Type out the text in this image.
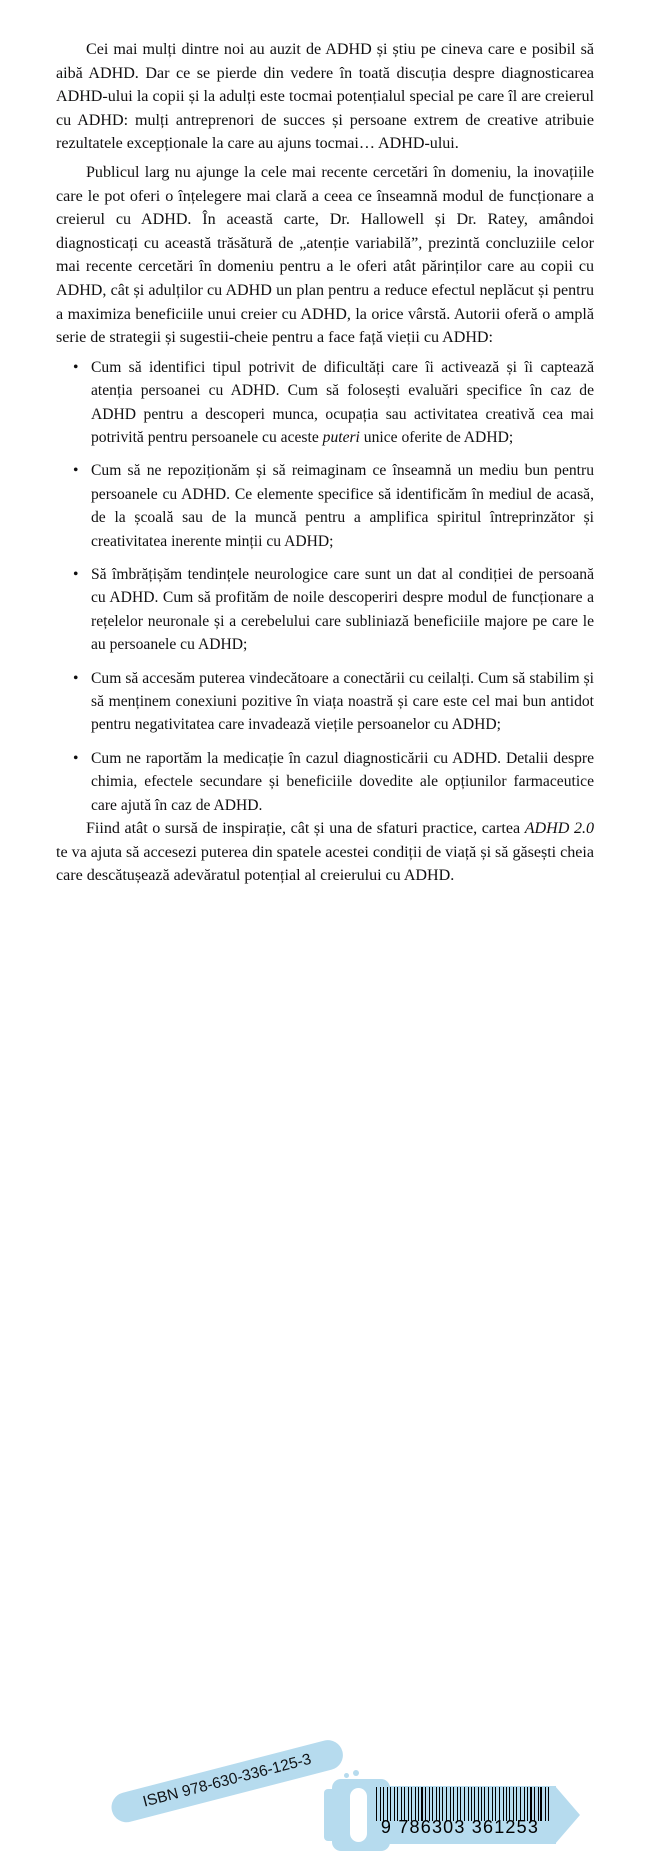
Cei mai mulți dintre noi au auzit de ADHD și știu pe cineva care e posibil să aibă ADHD. Dar ce se pierde din vedere în toată discuția despre diagnosticarea ADHD-ului la copii și la adulți este tocmai potențialul special pe care îl are creierul cu ADHD: mulți antreprenori de succes și persoane extrem de creative atribuie rezultatele excepționale la care au ajuns tocmai… ADHD-ului.

Publicul larg nu ajunge la cele mai recente cercetări în domeniu, la inovațiile care le pot oferi o înțelegere mai clară a ceea ce înseamnă modul de funcționare a creierul cu ADHD. În această carte, Dr. Hallowell și Dr. Ratey, amândoi diagnosticați cu această trăsătură de „atenție variabilă”, prezintă concluziile celor mai recente cercetări în domeniu pentru a le oferi atât părinților care au copii cu ADHD, cât și adulților cu ADHD un plan pentru a reduce efectul neplăcut și pentru a maximiza beneficiile unui creier cu ADHD, la orice vârstă. Autorii oferă o amplă serie de strategii și sugestii-cheie pentru a face față vieții cu ADHD:

• Cum să identifici tipul potrivit de dificultăți care îi activează și îi captează atenția persoanei cu ADHD. Cum să folosești evaluări specifice în caz de ADHD pentru a descoperi munca, ocupația sau activitatea creativă cea mai potrivită pentru persoanele cu aceste puteri unice oferite de ADHD;
• Cum să ne repoziționăm și să reimaginam ce înseamnă un mediu bun pentru persoanele cu ADHD. Ce elemente specifice să identificăm în mediul de acasă, de la școală sau de la muncă pentru a amplifica spiritul întreprinzător și creativitatea inerente minții cu ADHD;
• Să îmbrățișăm tendințele neurologice care sunt un dat al condiției de persoană cu ADHD. Cum să profităm de noile descoperiri despre modul de funcționare a rețelelor neuronale și a cerebelului care subliniază beneficiile majore pe care le au persoanele cu ADHD;
• Cum să accesăm puterea vindecătoare a conectării cu ceilalți. Cum să stabilim și să menținem conexiuni pozitive în viața noastră și care este cel mai bun antidot pentru negativitatea care invadează viețile persoanelor cu ADHD;
• Cum ne raportăm la medicație în cazul diagnosticării cu ADHD. Detalii despre chimia, efectele secundare și beneficiile dovedite ale opțiunilor farmaceutice care ajută în caz de ADHD.

Fiind atât o sursă de inspirație, cât și una de sfaturi practice, cartea ADHD 2.0 te va ajuta să accesezi puterea din spatele acestei condiții de viață și să găsești cheia care descătușează adevăratul potențial al creierului cu ADHD.

ISBN 978-630-336-125-3
9 786303 361253
